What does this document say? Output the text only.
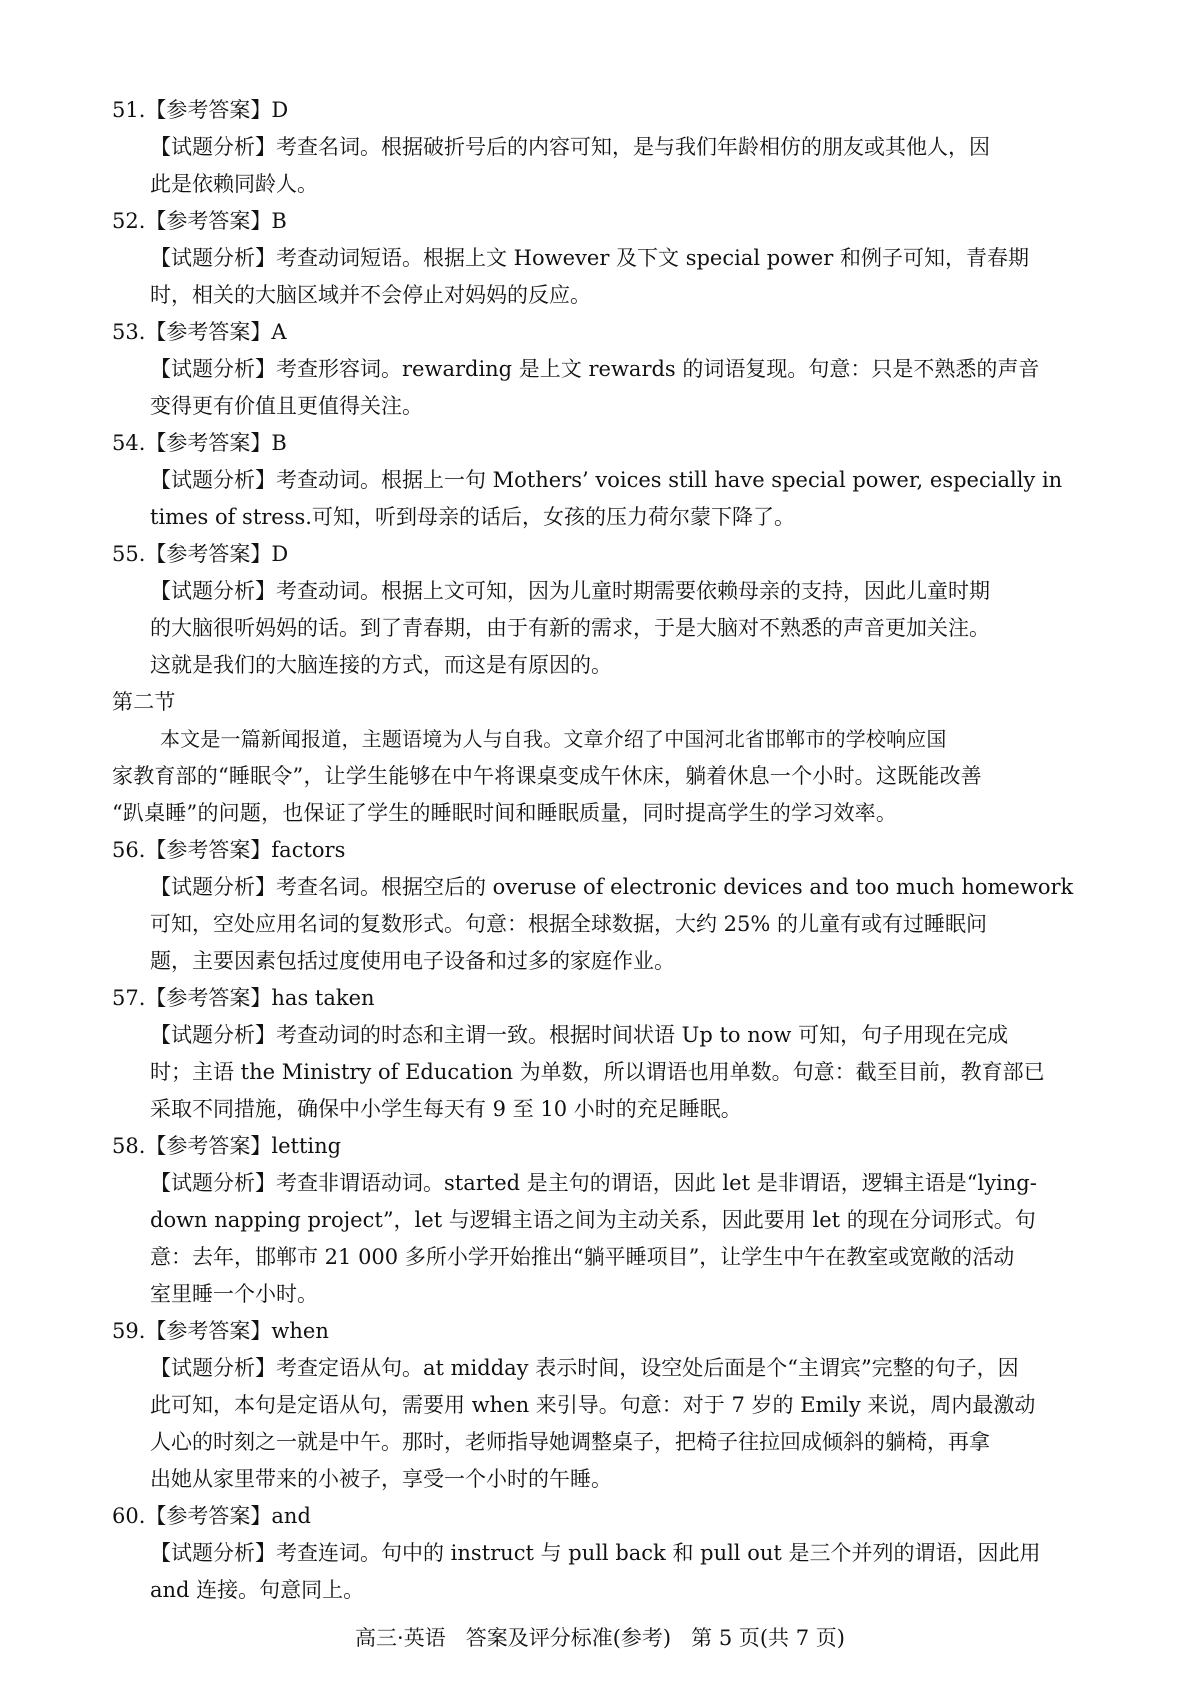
51.【参考答案】D
【试题分析】考查名词。根据破折号后的内容可知，是与我们年龄相仿的朋友或其他人，因
此是依赖同龄人。
52.【参考答案】B
【试题分析】考查动词短语。根据上文 However 及下文 special power 和例子可知，青春期
时，相关的大脑区域并不会停止对妈妈的反应。
53.【参考答案】A
【试题分析】考查形容词。rewarding 是上文 rewards 的词语复现。句意：只是不熟悉的声音
变得更有价值且更值得关注。
54.【参考答案】B
【试题分析】考查动词。根据上一句 Mothers’ voices still have special power, especially in
times of stress.可知，听到母亲的话后，女孩的压力荷尔蒙下降了。
55.【参考答案】D
【试题分析】考查动词。根据上文可知，因为儿童时期需要依赖母亲的支持，因此儿童时期
的大脑很听妈妈的话。到了青春期，由于有新的需求，于是大脑对不熟悉的声音更加关注。
这就是我们的大脑连接的方式，而这是有原因的。
第二节
本文是一篇新闻报道，主题语境为人与自我。文章介绍了中国河北省邯郸市的学校响应国
家教育部的“睡眠令”，让学生能够在中午将课桌变成午休床，躺着休息一个小时。这既能改善
“趴桌睡”的问题，也保证了学生的睡眠时间和睡眠质量，同时提高学生的学习效率。
56.【参考答案】factors
【试题分析】考查名词。根据空后的 overuse of electronic devices and too much homework
可知，空处应用名词的复数形式。句意：根据全球数据，大约 25% 的儿童有或有过睡眠问
题，主要因素包括过度使用电子设备和过多的家庭作业。
57.【参考答案】has taken
【试题分析】考查动词的时态和主谓一致。根据时间状语 Up to now 可知，句子用现在完成
时；主语 the Ministry of Education 为单数，所以谓语也用单数。句意：截至目前，教育部已
采取不同措施，确保中小学生每天有 9 至 10 小时的充足睡眠。
58.【参考答案】letting
【试题分析】考查非谓语动词。started 是主句的谓语，因此 let 是非谓语，逻辑主语是“lying-
down napping project”，let 与逻辑主语之间为主动关系，因此要用 let 的现在分词形式。句
意：去年，邯郸市 21 000 多所小学开始推出“躺平睡项目”，让学生中午在教室或宽敞的活动
室里睡一个小时。
59.【参考答案】when
【试题分析】考查定语从句。at midday 表示时间，设空处后面是个“主谓宾”完整的句子，因
此可知，本句是定语从句，需要用 when 来引导。句意：对于 7 岁的 Emily 来说，周内最激动
人心的时刻之一就是中午。那时，老师指导她调整桌子，把椅子往拉回成倾斜的躺椅，再拿
出她从家里带来的小被子，享受一个小时的午睡。
60.【参考答案】and
【试题分析】考查连词。句中的 instruct 与 pull back 和 pull out 是三个并列的谓语，因此用
and 连接。句意同上。
高三·英语   答案及评分标准(参考)   第 5 页(共 7 页)
